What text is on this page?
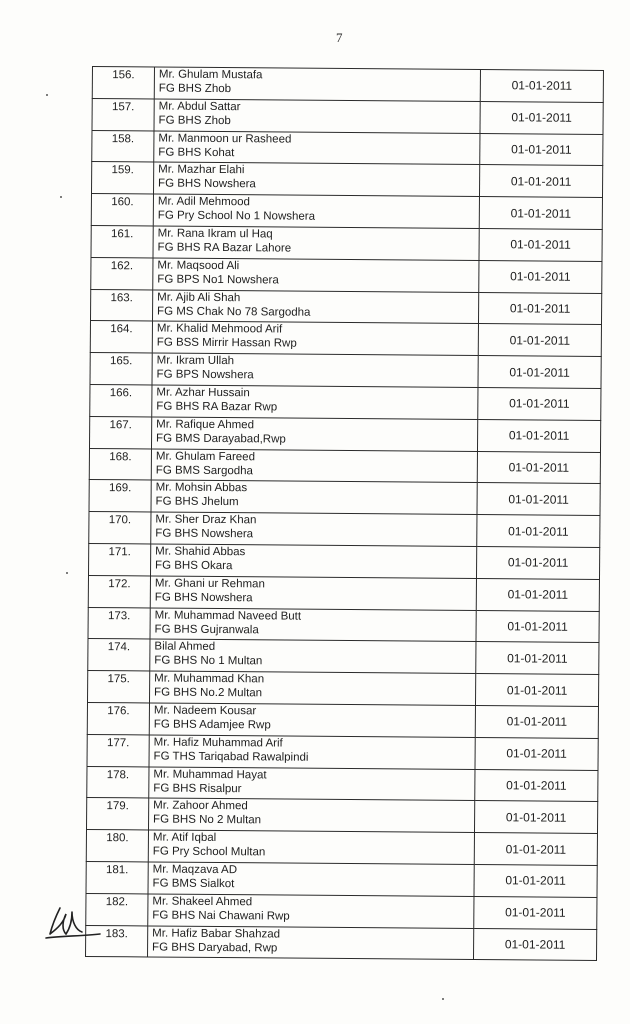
7
156.	Mr. Ghulam Mustafa
FG BHS Zhob	01-01-2011
157.	Mr. Abdul Sattar
FG BHS Zhob	01-01-2011
158.	Mr. Manmoon ur Rasheed
FG BHS Kohat	01-01-2011
159.	Mr. Mazhar Elahi
FG BHS Nowshera	01-01-2011
160.	Mr. Adil Mehmood
FG Pry School No 1 Nowshera	01-01-2011
161.	Mr. Rana Ikram ul Haq
FG BHS RA Bazar Lahore	01-01-2011
162.	Mr. Maqsood Ali
FG BPS No1 Nowshera	01-01-2011
163.	Mr. Ajib Ali Shah
FG MS Chak No 78 Sargodha	01-01-2011
164.	Mr. Khalid Mehmood Arif
FG BSS Mirrir Hassan Rwp	01-01-2011
165.	Mr. Ikram Ullah
FG BPS Nowshera	01-01-2011
166.	Mr. Azhar Hussain
FG BHS RA Bazar Rwp	01-01-2011
167.	Mr. Rafique Ahmed
FG BMS Darayabad,Rwp	01-01-2011
168.	Mr. Ghulam Fareed
FG BMS Sargodha	01-01-2011
169.	Mr. Mohsin Abbas
FG BHS Jhelum	01-01-2011
170.	Mr. Sher Draz Khan
FG BHS Nowshera	01-01-2011
171.	Mr. Shahid Abbas
FG BHS Okara	01-01-2011
172.	Mr. Ghani ur Rehman
FG BHS Nowshera	01-01-2011
173.	Mr. Muhammad Naveed Butt
FG BHS Gujranwala	01-01-2011
174.	Bilal Ahmed
FG BHS No 1 Multan	01-01-2011
175.	Mr. Muhammad Khan
FG BHS No.2 Multan	01-01-2011
176.	Mr. Nadeem Kousar
FG BHS Adamjee Rwp	01-01-2011
177.	Mr. Hafiz Muhammad Arif
FG THS Tariqabad Rawalpindi	01-01-2011
178.	Mr. Muhammad Hayat
FG BHS Risalpur	01-01-2011
179.	Mr. Zahoor Ahmed
FG BHS No 2 Multan	01-01-2011
180.	Mr. Atif Iqbal
FG Pry School Multan	01-01-2011
181.	Mr. Maqzava AD
FG BMS Sialkot	01-01-2011
182.	Mr. Shakeel Ahmed
FG BHS Nai Chawani Rwp	01-01-2011
183.	Mr. Hafiz Babar Shahzad
FG BHS Daryabad, Rwp	01-01-2011
